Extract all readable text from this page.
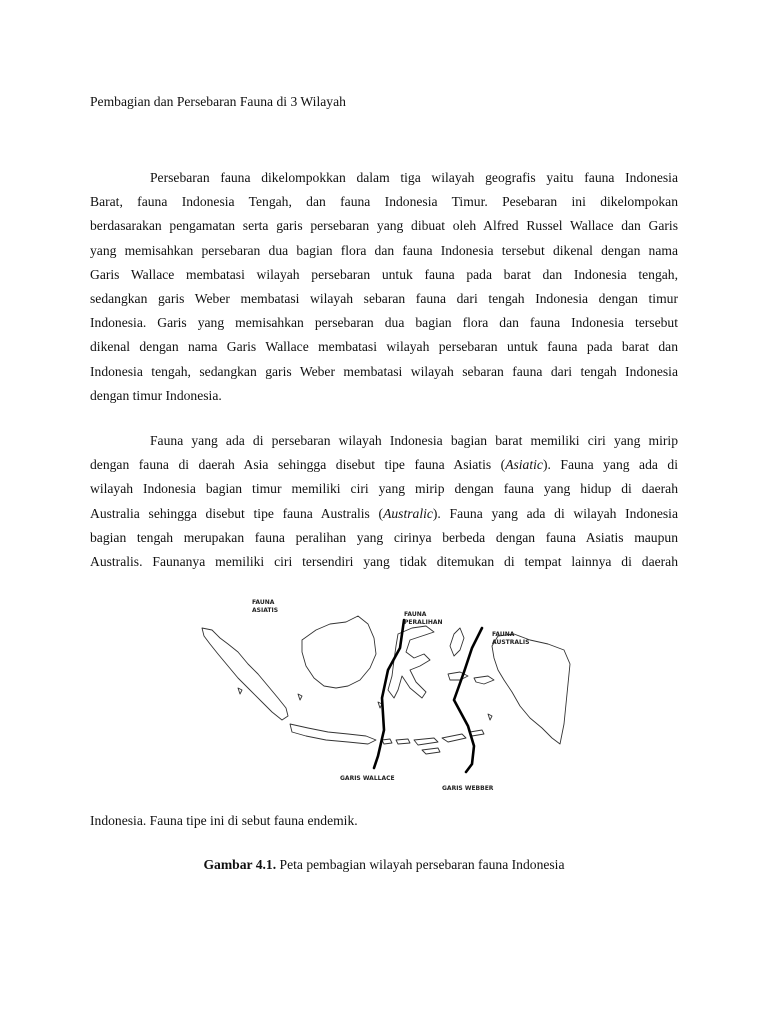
Pembagian dan Persebaran Fauna di 3 Wilayah

Persebaran fauna dikelompokkan dalam tiga wilayah geografis yaitu fauna Indonesia

Barat, fauna Indonesia Tengah, dan fauna Indonesia Timur. Pesebaran ini dikelompokan
berdasarakan pengamatan serta garis persebaran yang dibuat oleh Alfred Russel Wallace dan Garis
yang memisahkan persebaran dua bagian flora dan fauna Indonesia tersebut dikenal dengan nama
Garis Wallace membatasi wilayah persebaran untuk fauna pada barat dan Indonesia tengah,
sedangkan garis Weber membatasi wilayah sebaran fauna dari tengah Indonesia dengan timur
Indonesia. Garis yang memisahkan persebaran dua bagian flora dan fauna Indonesia tersebut
dikenal dengan nama Garis Wallace membatasi wilayah persebaran untuk fauna pada barat dan
Indonesia tengah, sedangkan garis Weber membatasi wilayah sebaran fauna dari tengah Indonesia
dengan timur Indonesia.

Fauna yang ada di persebaran wilayah Indonesia bagian barat memiliki ciri yang mirip

dengan fauna di daerah Asia sehingga disebut tipe fauna Asiatis (Asiatic). Fauna yang ada di
wilayah Indonesia bagian timur memiliki ciri yang mirip dengan fauna yang hidup di daerah
Australia sehingga disebut tipe fauna Australis (Australic). Fauna yang ada di wilayah Indonesia
bagian tengah merupakan fauna peralihan yang cirinya berbeda dengan fauna Asiatis maupun
Australis. Faunanya memiliki ciri tersendiri yang tidak ditemukan di tempat lainnya di daerah
FAUNA
ASIATIS
FAUNA
PERALIHAN
FAUNA
AUSTRALIS
GARIS WALLACE
GARIS WEBBER
Indonesia. Fauna tipe ini di sebut fauna endemik.
Gambar 4.1. Peta pembagian wilayah persebaran fauna Indonesia
